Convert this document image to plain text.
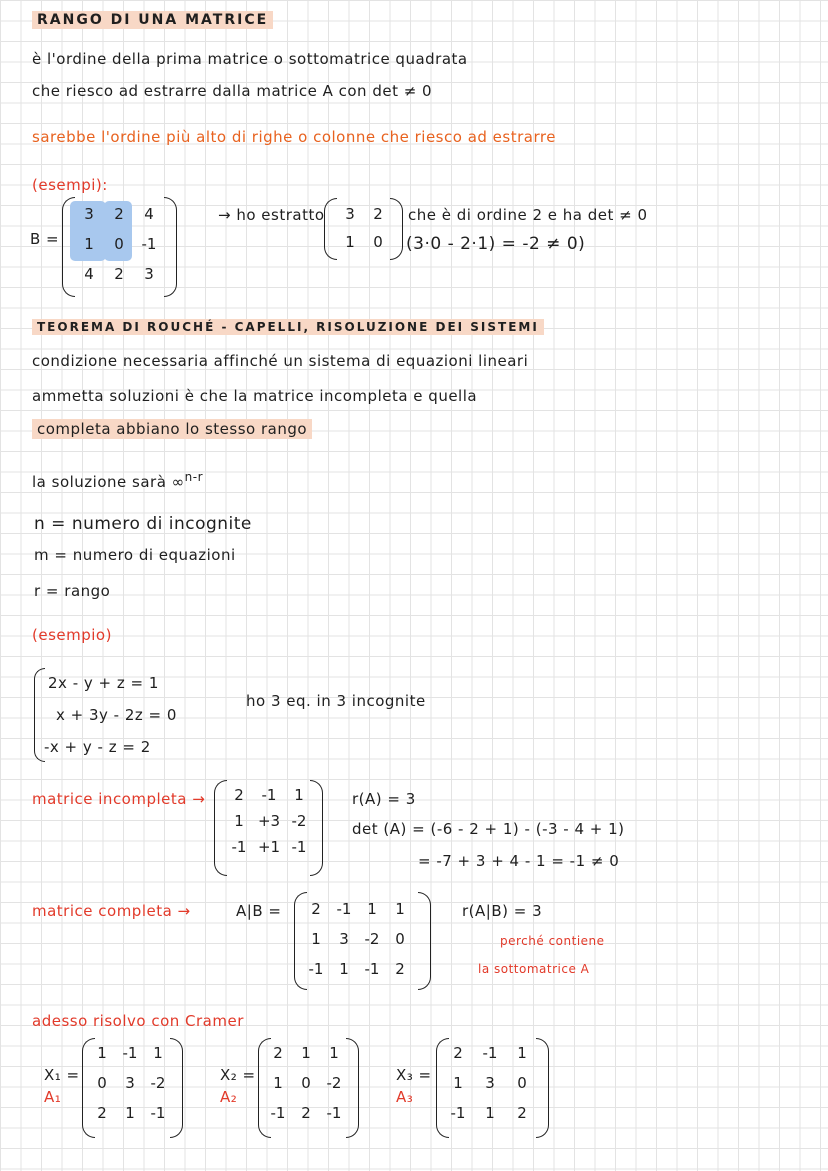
RANGO DI UNA MATRICE
è l'ordine della prima matrice o sottomatrice quadrata
che riesco ad estrarre dalla matrice A con det ≠ 0
sarebbe l'ordine più alto di righe o colonne che riesco ad estrarre
(esempi):
B =
3	2	4
1	0	-1
4	2	3
→ ho estratto	3	2
1	0
che è di ordine 2 e ha det ≠ 0
(3·0 - 2·1) = -2 ≠ 0)
TEOREMA DI ROUCHÉ - CAPELLI, RISOLUZIONE DEI SISTEMI
condizione necessaria affinché un sistema di equazioni lineari
ammetta soluzioni è che la matrice incompleta e quella
completa abbiano lo stesso rango
la soluzione sarà ∞$^{n-r}$
n = numero di incognite
m = numero di equazioni
r = rango
(esempio)
2x - y + z = 1
x + 3y - 2z = 0
-x + y - z = 2
ho 3 eq. in 3 incognite
matrice incompleta →	2	-1	1
1 +3 -2
-1 +1 -1
r(A) = 3
det (A) = (-6 - 2 + 1) - (-3 - 4 + 1)
= -7 + 3 + 4 - 1 = -1 ≠ 0
matrice completa →	A|B =	2	-1	1	1
1	3	-2	0
-1	1	-1	2
r(A|B) = 3
perché contiene
la sottomatrice A
adesso risolvo con Cramer
X₁ =
A₁
1	-1	1
0	3	-2
2	1	-1
X₂ =
A₂
2	1	1
1	0	-2
-1	2	-1
X₃ =
A₃
2	-1	1
1	3	0
-1	1	2
